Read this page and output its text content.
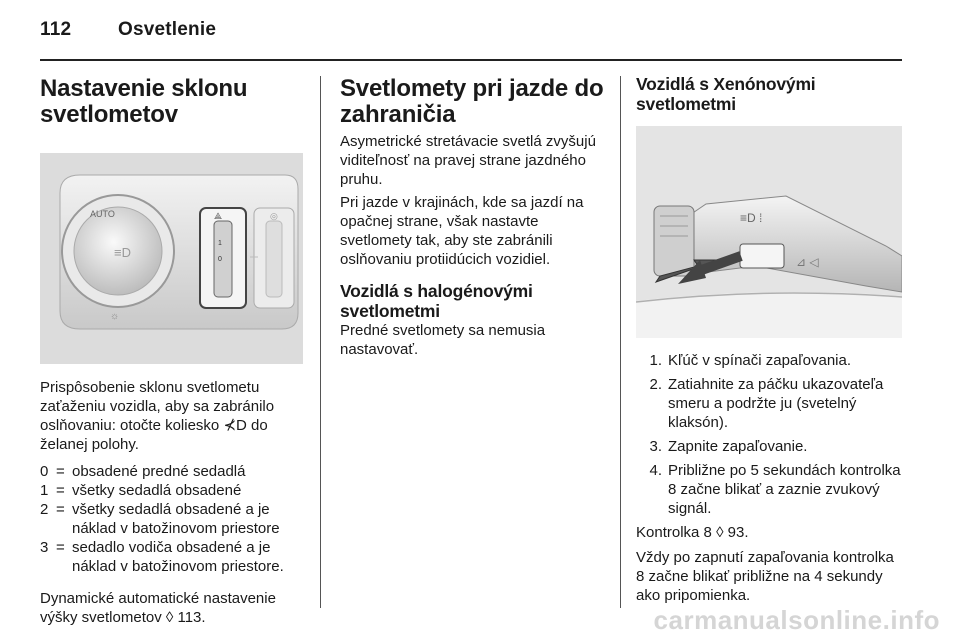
112 Osvetlenie
Nastavenie sklonu svetlometov
AUTO
≡D
☼
1
0
⟁	◎

Prispôsobenie sklonu svetlometu zaťaženiu vozidla, aby sa zabránilo oslňovaniu: otočte koliesko ⊀D do želanej polohy.

0 = obsadené predné sedadlá
1 = všetky sedadlá obsadené
2 = všetky sedadlá obsadené a je náklad v batožinovom priestore
3 = sedadlo vodiča obsadené a je náklad v batožinovom priestore.

Dynamické automatické nastavenie výšky svetlometov ◊ 113.

Svetlomety pri jazde do zahraničia

Asymetrické stretávacie svetlá zvyšujú viditeľnosť na pravej strane jazdného pruhu.

Pri jazde v krajinách, kde sa jazdí na opačnej strane, však nastavte svetlomety tak, aby ste zabránili oslňovaniu protiidúcich vozidiel.

Vozidlá s halogénovými svetlometmi

Predné svetlomety sa nemusia nastavovať.

Vozidlá s Xenónovými svetlometmi
≡D ⁞
⊿ ◁
1. Kľúč v spínači zapaľovania.
2. Zatiahnite za páčku ukazovateľa smeru a podržte ju (svetelný klaksón).
3. Zapnite zapaľovanie.
4. Približne po 5 sekundách kontrolka 8 začne blikať a zaznie zvukový signál.

Kontrolka 8 ◊ 93.

Vždy po zapnutí zapaľovania kontrolka 8 začne blikať približne na 4 sekundy ako pripomienka.

carmanualsonline.info
